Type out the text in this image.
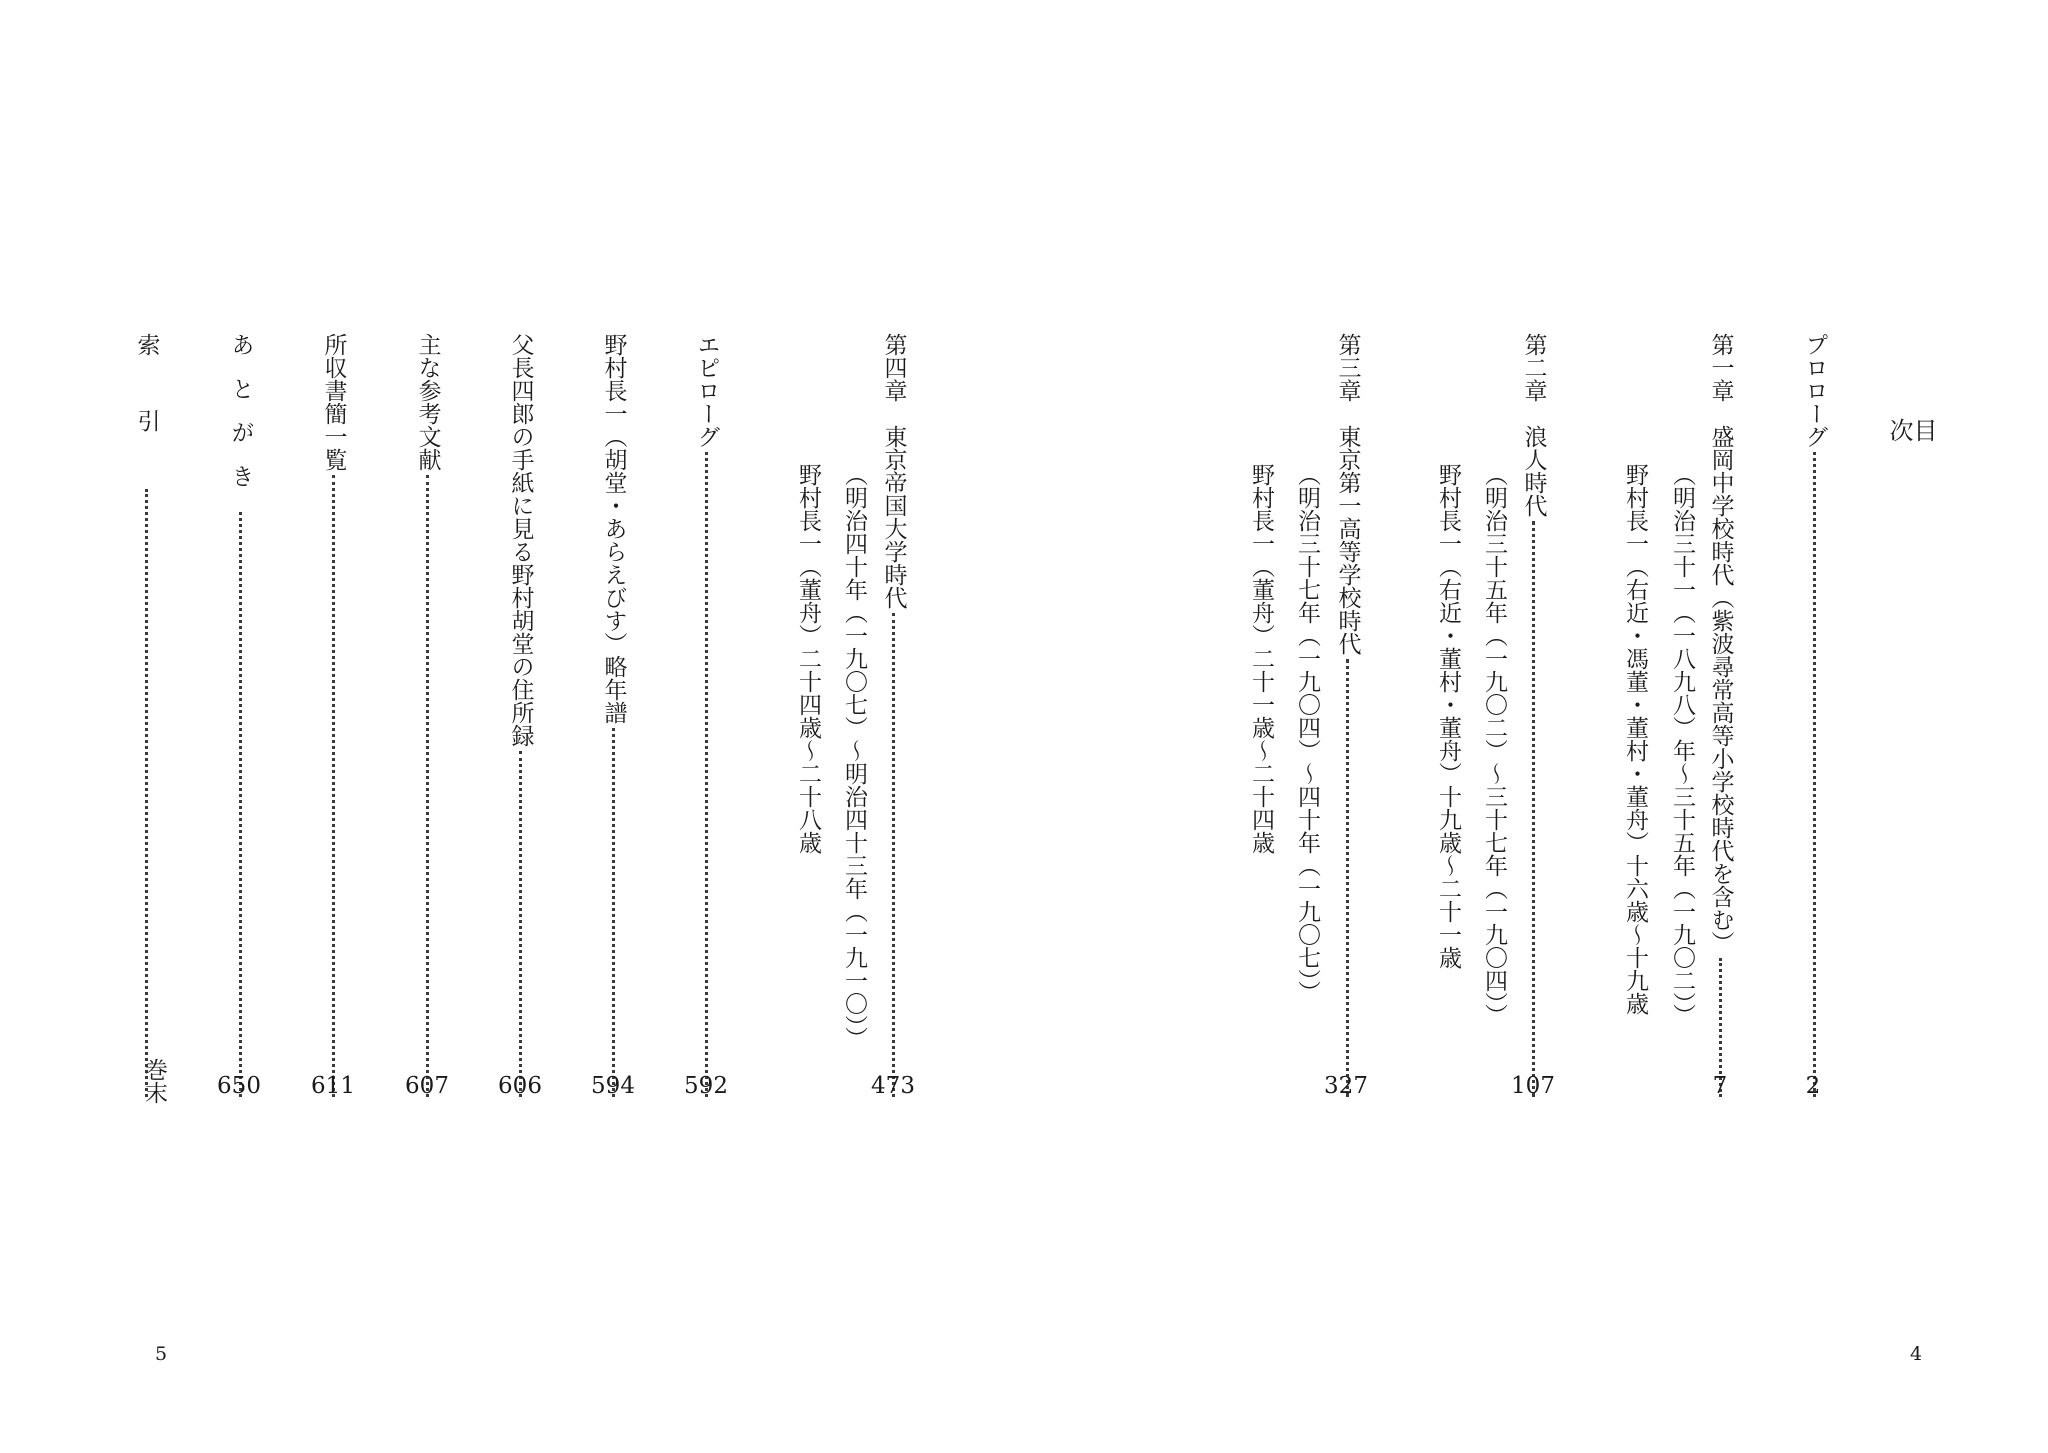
目次
プロローグ
2
第一章　盛岡中学校時代（紫波尋常高等小学校時代を含む）
7
（明治三十一（一八九八）年〜三十五年（一九〇二））
野村長一（右近・馮董・董村・董舟）十六歳〜十九歳
第二章　浪人時代
107
（明治三十五年（一九〇二）〜三十七年（一九〇四））
野村長一（右近・董村・董舟）十九歳〜二十一歳
第三章　東京第一高等学校時代
327
（明治三十七年（一九〇四）〜四十年（一九〇七））
野村長一（董舟）二十一歳〜二十四歳
4
第四章　東京帝国大学時代
473
（明治四十年（一九〇七）〜明治四十三年（一九一〇））
野村長一（董舟）二十四歳〜二十八歳
エピローグ
592
野村長一（胡堂・あらえびす）略年譜
594
父長四郎の手紙に見る野村胡堂の住所録
606
主な参考文献
607
所収書簡一覧
611
あとがき
650
索引
巻末
5
